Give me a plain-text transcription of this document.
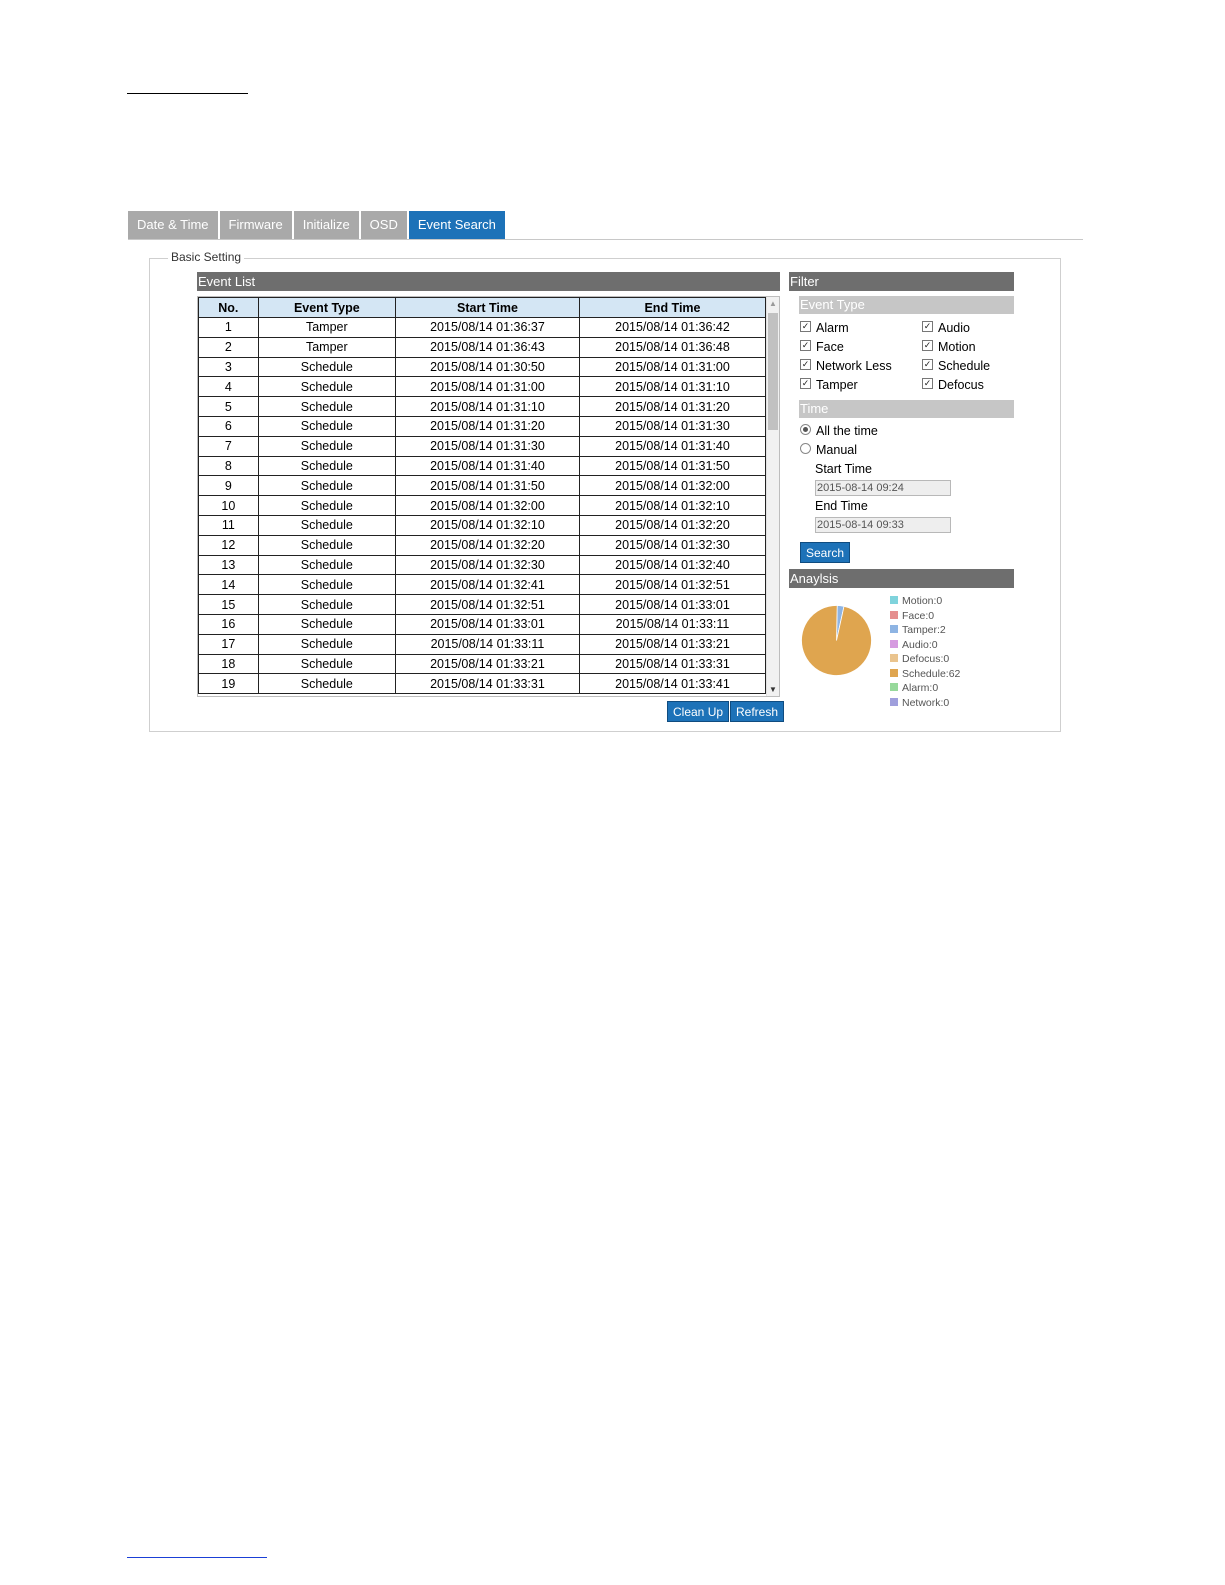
Date & Time	Firmware	Initialize	OSD	Event Search
Basic Setting
Event List
No.	Event Type	Start Time	End Time
1	Tamper	2015/08/14 01:36:37	2015/08/14 01:36:42
2	Tamper	2015/08/14 01:36:43	2015/08/14 01:36:48
3	Schedule	2015/08/14 01:30:50	2015/08/14 01:31:00
4	Schedule	2015/08/14 01:31:00	2015/08/14 01:31:10
5	Schedule	2015/08/14 01:31:10	2015/08/14 01:31:20
6	Schedule	2015/08/14 01:31:20	2015/08/14 01:31:30
7	Schedule	2015/08/14 01:31:30	2015/08/14 01:31:40
8	Schedule	2015/08/14 01:31:40	2015/08/14 01:31:50
9	Schedule	2015/08/14 01:31:50	2015/08/14 01:32:00
10	Schedule	2015/08/14 01:32:00	2015/08/14 01:32:10
11	Schedule	2015/08/14 01:32:10	2015/08/14 01:32:20
12	Schedule	2015/08/14 01:32:20	2015/08/14 01:32:30
13	Schedule	2015/08/14 01:32:30	2015/08/14 01:32:40
14	Schedule	2015/08/14 01:32:41	2015/08/14 01:32:51
15	Schedule	2015/08/14 01:32:51	2015/08/14 01:33:01
16	Schedule	2015/08/14 01:33:01	2015/08/14 01:33:11
17	Schedule	2015/08/14 01:33:11	2015/08/14 01:33:21
18	Schedule	2015/08/14 01:33:21	2015/08/14 01:33:31
19	Schedule	2015/08/14 01:33:31	2015/08/14 01:33:41
▲
▼
Clean Up	Refresh
Filter
Event Type
✓ Alarm	✓ Audio
✓ Face	✓ Motion
✓ Network Less	✓ Schedule
✓ Tamper	✓ Defocus
Time
All the time
Manual
Start Time
2015-08-14 09:24
End Time
2015-08-14 09:33
Search
Anaylsis
Motion:0
Face:0
Tamper:2
Audio:0
Defocus:0
Schedule:62
Alarm:0
Network:0
